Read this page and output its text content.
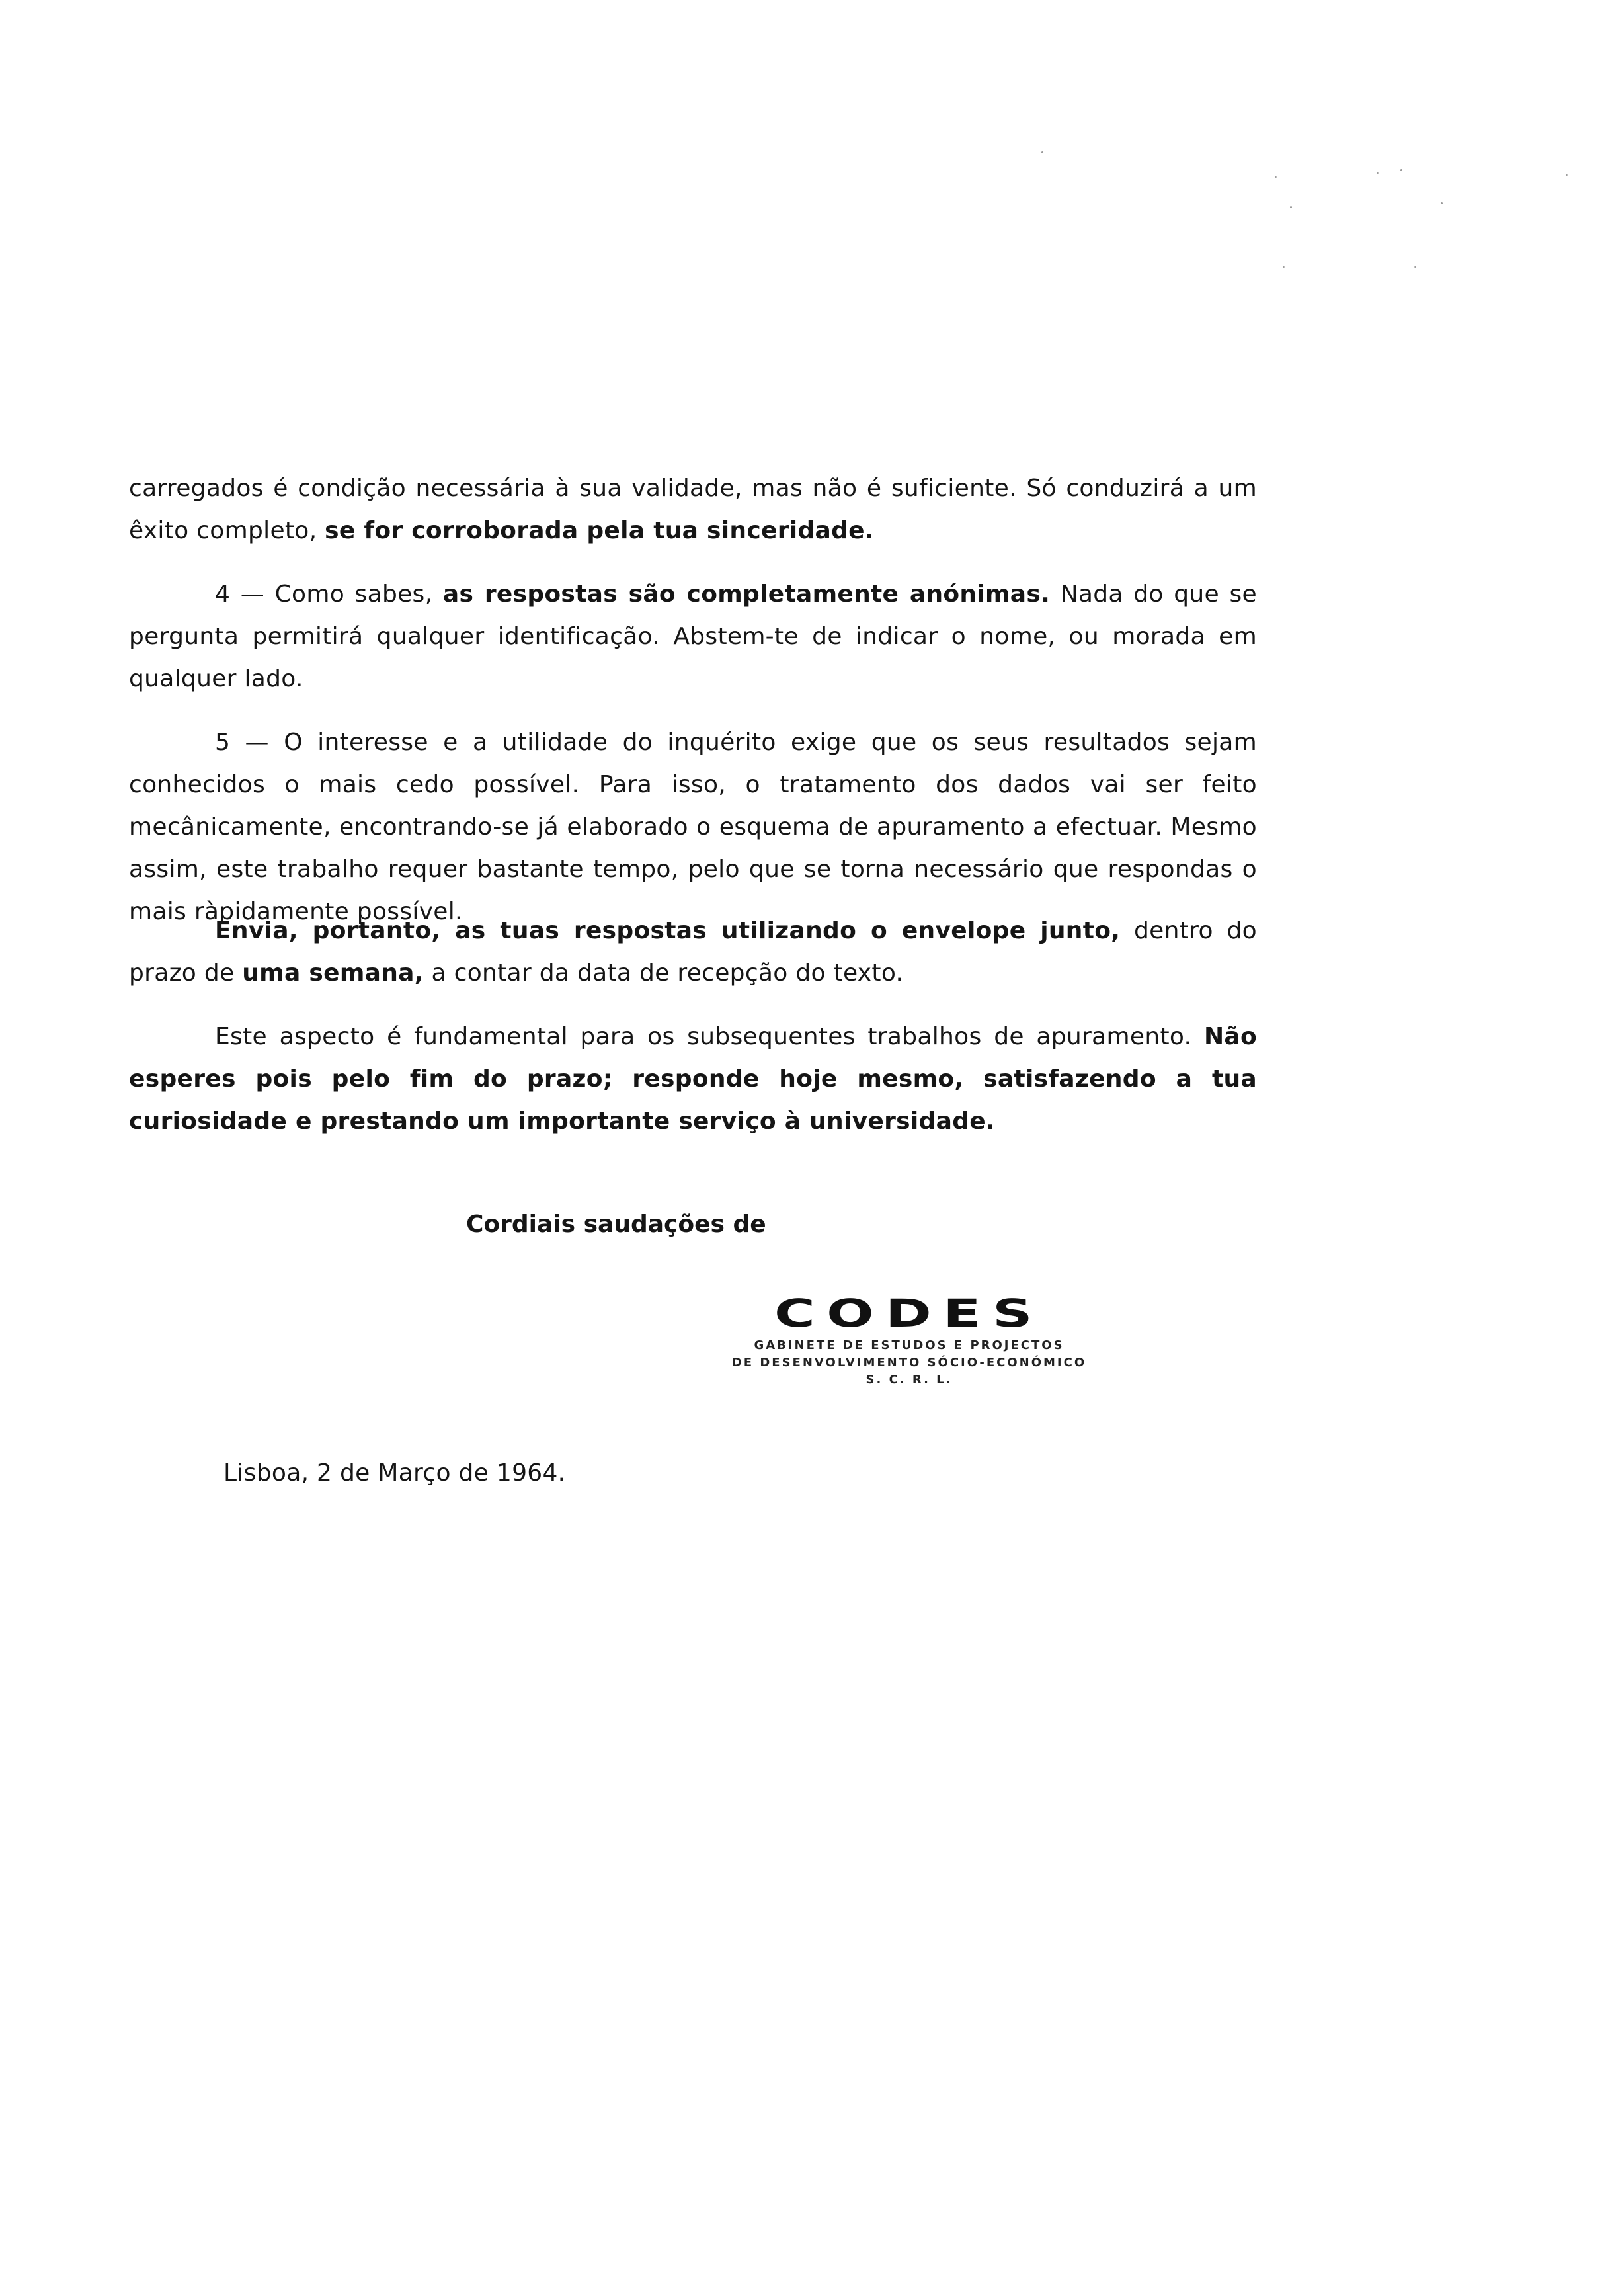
carregados é condição necessária à sua validade, mas não é suficiente. Só conduzirá a um êxito completo, se for corroborada pela tua sinceridade.

4 — Como sabes, as respostas são completamente anónimas. Nada do que se pergunta permitirá qualquer identificação. Abstem-te de indicar o nome, ou morada em qualquer lado.

5 — O interesse e a utilidade do inquérito exige que os seus resultados sejam conhecidos o mais cedo possível. Para isso, o tratamento dos dados vai ser feito mecânicamente, encontrando-se já elaborado o esquema de apuramento a efectuar. Mesmo assim, este trabalho requer bastante tempo, pelo que se torna necessário que respondas o mais ràpidamente possível.

Envia, portanto, as tuas respostas utilizando o envelope junto, dentro do prazo de uma semana, a contar da data de recepção do texto.

Este aspecto é fundamental para os subsequentes trabalhos de apuramento. Não esperes pois pelo fim do prazo; responde hoje mesmo, satisfazendo a tua curiosidade e prestando um importante serviço à universidade.

Cordiais saudações de
CODES
GABINETE DE ESTUDOS E PROJECTOS
DE DESENVOLVIMENTO SÓCIO-ECONÓMICO
S. C. R. L.
Lisboa, 2 de Março de 1964.
